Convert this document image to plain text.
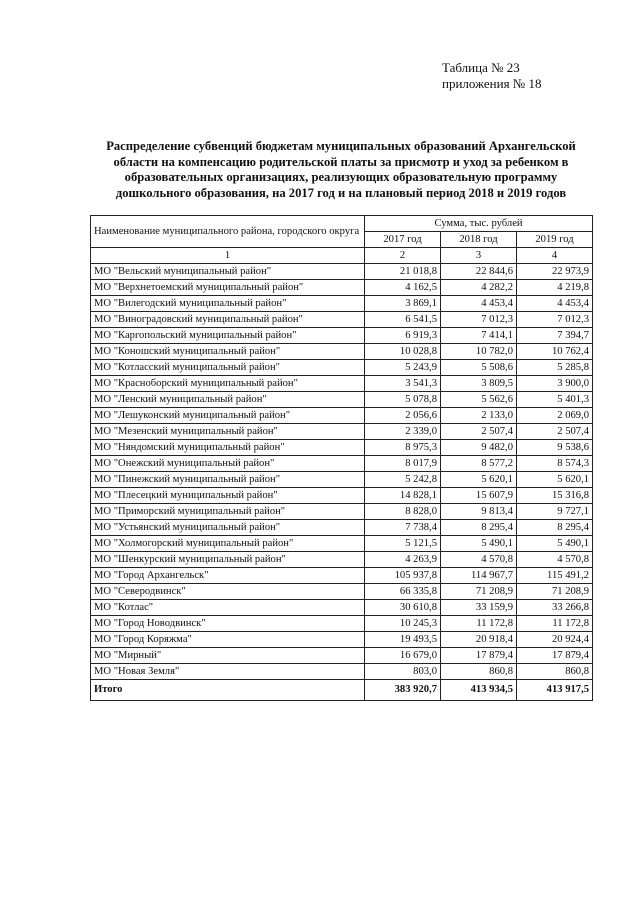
Таблица № 23
приложения № 18
Распределение субвенций бюджетам муниципальных образований Архангельской области на компенсацию родительской платы за присмотр и уход за ребенком в образовательных организациях, реализующих образовательную программу дошкольного образования, на 2017 год и на плановый период 2018 и 2019 годов
Наименование муниципального района, городского округа	Сумма, тыс. рублей		
	2017 год	2018 год	2019 год
1	2	3	4
МО "Вельский муниципальный район"	21 018,8	22 844,6	22 973,9
МО "Верхнетоемский муниципальный район"	4 162,5	4 282,2	4 219,8
МО "Вилегодский муниципальный район"	3 869,1	4 453,4	4 453,4
МО "Виноградовский муниципальный район"	6 541,5	7 012,3	7 012,3
МО "Каргопольский муниципальный район"	6 919,3	7 414,1	7 394,7
МО "Коношский муниципальный район"	10 028,8	10 782,0	10 762,4
МО "Котласский муниципальный район"	5 243,9	5 508,6	5 285,8
МО "Красноборский муниципальный район"	3 541,3	3 809,5	3 900,0
МО "Ленский муниципальный район"	5 078,8	5 562,6	5 401,3
МО "Лешуконский муниципальный район"	2 056,6	2 133,0	2 069,0
МО "Мезенский муниципальный район"	2 339,0	2 507,4	2 507,4
МО "Няндомский муниципальный район"	8 975,3	9 482,0	9 538,6
МО "Онежский муниципальный район"	8 017,9	8 577,2	8 574,3
МО "Пинежский муниципальный район"	5 242,8	5 620,1	5 620,1
МО "Плесецкий муниципальный район"	14 828,1	15 607,9	15 316,8
МО "Приморский муниципальный район"	8 828,0	9 813,4	9 727,1
МО "Устьянский муниципальный район"	7 738,4	8 295,4	8 295,4
МО "Холмогорский муниципальный район"	5 121,5	5 490,1	5 490,1
МО "Шенкурский муниципальный район"	4 263,9	4 570,8	4 570,8
МО "Город Архангельск"	105 937,8	114 967,7	115 491,2
МО "Северодвинск"	66 335,8	71 208,9	71 208,9
МО "Котлас"	30 610,8	33 159,9	33 266,8
МО "Город Новодвинск"	10 245,3	11 172,8	11 172,8
МО "Город Коряжма"	19 493,5	20 918,4	20 924,4
МО "Мирный"	16 679,0	17 879,4	17 879,4
МО "Новая Земля"	803,0	860,8	860,8
Итого	383 920,7	413 934,5	413 917,5
